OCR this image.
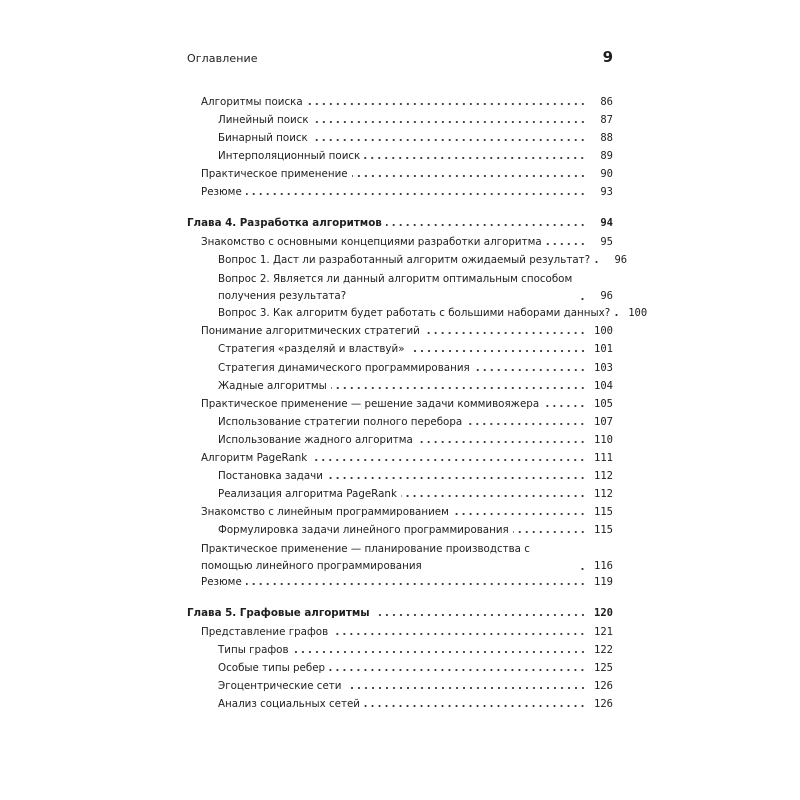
Оглавление	9
Алгоритмы поиска	86
Линейный поиск	87
Бинарный поиск	88
Интерполяционный поиск	89
Практическое применение	90
Резюме	93
Глава 4. Разработка алгоритмов	94
Знакомство с основными концепциями разработки алгоритма	95
Вопрос 1. Даст ли разработанный алгоритм ожидаемый результат?	96
Вопрос 2. Является ли данный алгоритм оптимальным способом получения результата?	96
Вопрос 3. Как алгоритм будет работать с большими наборами данных?	100
Понимание алгоритмических стратегий	100
Стратегия «разделяй и властвуй»	101
Стратегия динамического программирования	103
Жадные алгоритмы	104
Практическое применение — решение задачи коммивояжера	105
Использование стратегии полного перебора	107
Использование жадного алгоритма	110
Алгоритм PageRank	111
Постановка задачи	112
Реализация алгоритма PageRank	112
Знакомство с линейным программированием	115
Формулировка задачи линейного программирования	115
Практическое применение — планирование производства с помощью линейного программирования	116
Резюме	119
Глава 5. Графовые алгоритмы	120
Представление графов	121
Типы графов	122
Особые типы ребер	125
Эгоцентрические сети	126
Анализ социальных сетей	126
